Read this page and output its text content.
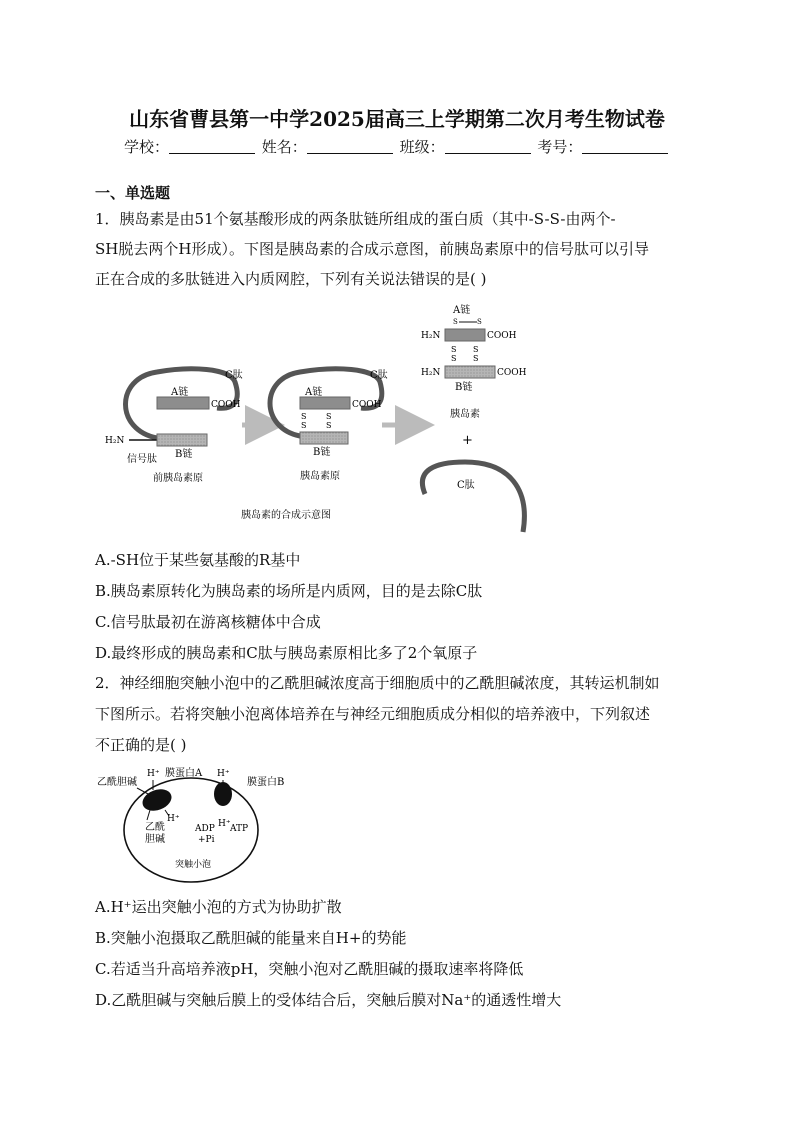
山东省曹县第一中学2025届高三上学期第二次月考生物试卷
学校：	姓名：	班级：	考号：
一、单选题
1．胰岛素是由51个氨基酸形成的两条肽链所组成的蛋白质（其中-S-S-由两个-
SH脱去两个H形成）。下图是胰岛素的合成示意图，前胰岛素原中的信号肽可以引导
正在合成的多肽链进入内质网腔，下列有关说法错误的是( )
A链
COOH
C肽
H₂N
B链
信号肽
前胰岛素原
A链
COOH
C肽
S
S
S
S
B链
胰岛素原
A链
S	S
H₂N	COOH
S
S
S
S
H₂N	COOH
B链
胰岛素
+
C肽
胰岛素的合成示意图
A.-SH位于某些氨基酸的R基中
B.胰岛素原转化为胰岛素的场所是内质网，目的是去除C肽
C.信号肽最初在游离核糖体中合成
D.最终形成的胰岛素和C肽与胰岛素原相比多了2个氧原子
2．神经细胞突触小泡中的乙酰胆碱浓度高于细胞质中的乙酰胆碱浓度，其转运机制如
下图所示。若将突触小泡离体培养在与神经元细胞质成分相似的培养液中，下列叙述
不正确的是( )
乙酰胆碱
H⁺ 膜蛋白A H⁺
膜蛋白B
H⁺
乙酰
胆碱
ADP
+Pi
H⁺ ATP
突触小泡
A.H⁺运出突触小泡的方式为协助扩散
B.突触小泡摄取乙酰胆碱的能量来自H+的势能
C.若适当升高培养液pH，突触小泡对乙酰胆碱的摄取速率将降低
D.乙酰胆碱与突触后膜上的受体结合后，突触后膜对Na⁺的通透性增大
